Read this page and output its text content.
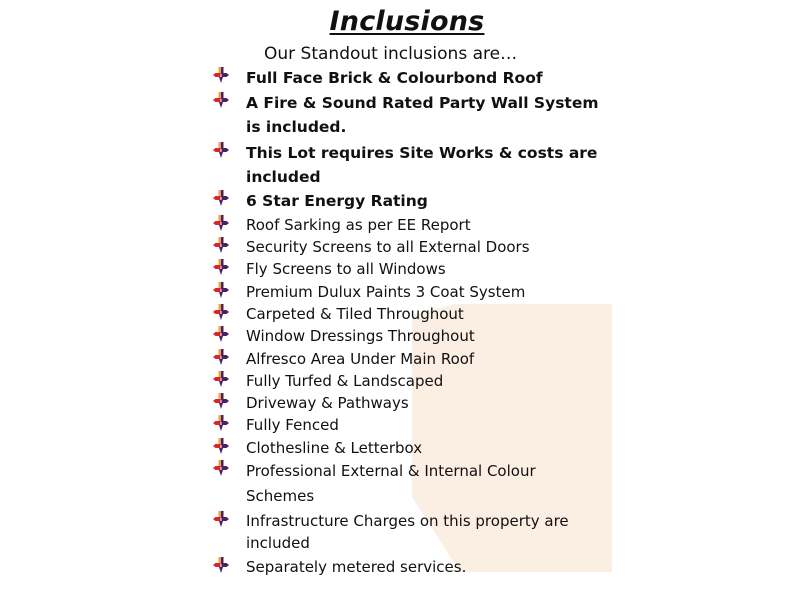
Inclusions
Our Standout inclusions are…
Full Face Brick & Colourbond Roof
A Fire & Sound Rated Party Wall System
is included.
This Lot requires Site Works & costs are
included
6 Star Energy Rating
Roof Sarking as per EE Report
Security Screens to all External Doors
Fly Screens to all Windows
Premium Dulux Paints 3 Coat System
Carpeted & Tiled Throughout
Window Dressings Throughout
Alfresco Area Under Main Roof
Fully Turfed & Landscaped
Driveway & Pathways
Fully Fenced
Clothesline & Letterbox
Professional External & Internal Colour
Schemes
Infrastructure Charges on this property are
included
Separately metered services.
